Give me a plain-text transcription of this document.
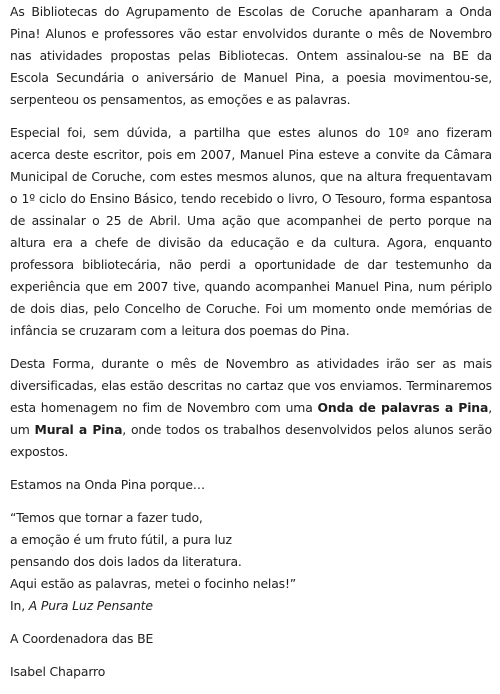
As Bibliotecas do Agrupamento de Escolas de Coruche apanharam a Onda Pina! Alunos e professores vão estar envolvidos durante o mês de Novembro nas atividades propostas pelas Bibliotecas. Ontem assinalou-se na BE da Escola Secundária o aniversário de Manuel Pina, a poesia movimentou-se, serpenteou os pensamentos, as emoções e as palavras.

Especial foi, sem dúvida, a partilha que estes alunos do 10º ano fizeram acerca deste escritor, pois em 2007, Manuel Pina esteve a convite da Câmara Municipal de Coruche, com estes mesmos alunos, que na altura frequentavam o 1º ciclo do Ensino Básico, tendo recebido o livro, O Tesouro, forma espantosa de assinalar o 25 de Abril. Uma ação que acompanhei de perto porque na altura era a chefe de divisão da educação e da cultura. Agora, enquanto professora bibliotecária, não perdi a oportunidade de dar testemunho da experiência que em 2007 tive, quando acompanhei Manuel Pina, num périplo de dois dias, pelo Concelho de Coruche. Foi um momento onde memórias de infância se cruzaram com a leitura dos poemas do Pina.

Desta Forma, durante o mês de Novembro as atividades irão ser as mais diversificadas, elas estão descritas no cartaz que vos enviamos. Terminaremos esta homenagem no fim de Novembro com uma Onda de palavras a Pina, um Mural a Pina, onde todos os trabalhos desenvolvidos pelos alunos serão expostos.

Estamos na Onda Pina porque…

“Temos que tornar a fazer tudo,
a emoção é um fruto fútil, a pura luz
pensando dos dois lados da literatura.
Aqui estão as palavras, metei o focinho nelas!”
In, A Pura Luz Pensante

A Coordenadora das BE

Isabel Chaparro
